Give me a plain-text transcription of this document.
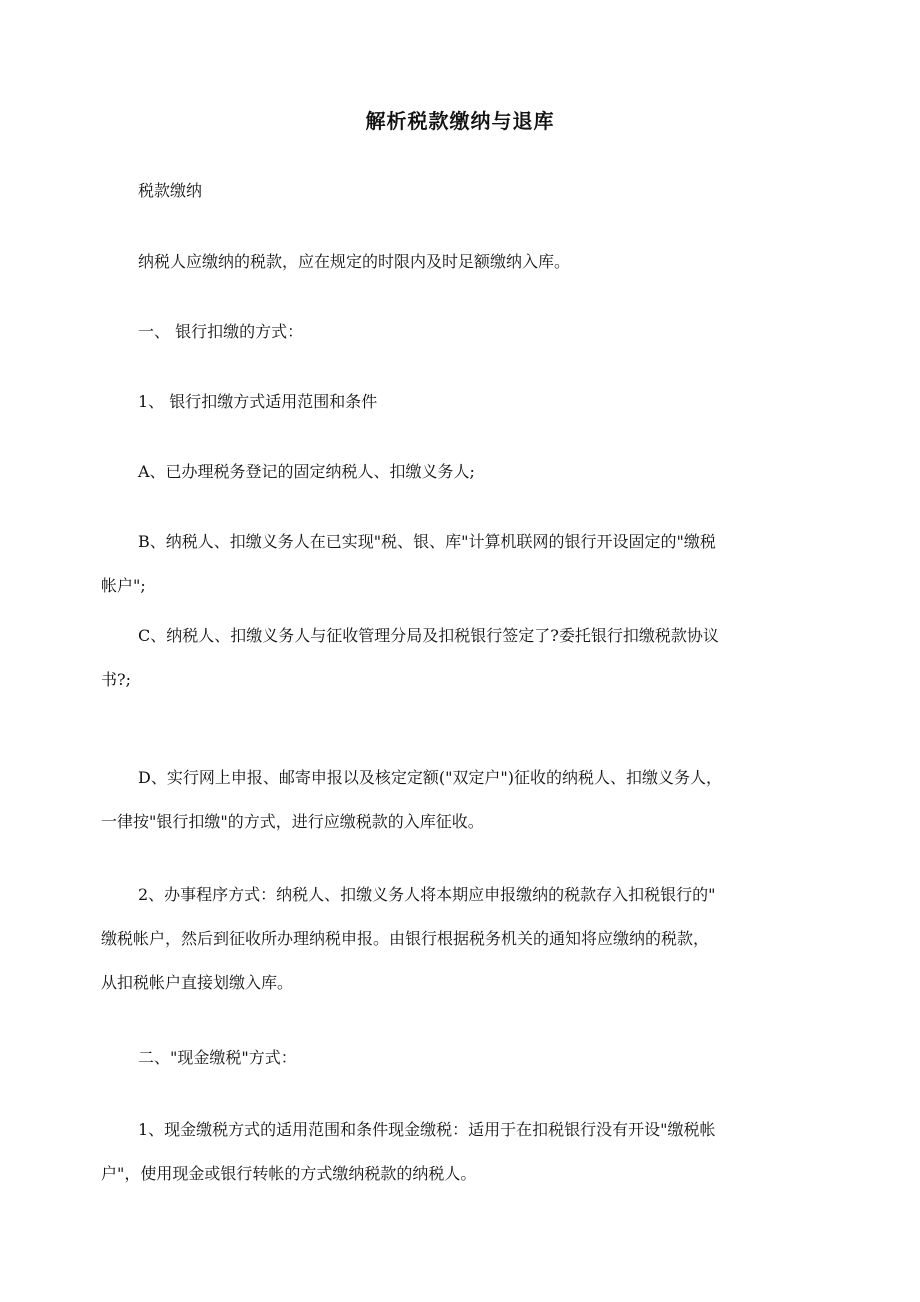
解析税款缴纳与退库
税款缴纳
纳税人应缴纳的税款，应在规定的时限内及时足额缴纳入库。
一、 银行扣缴的方式：
1、 银行扣缴方式适用范围和条件
A、已办理税务登记的固定纳税人、扣缴义务人;
B、纳税人、扣缴义务人在已实现"税、银、库"计算机联网的银行开设固定的"缴税
帐户";
C、纳税人、扣缴义务人与征收管理分局及扣税银行签定了?委托银行扣缴税款协议
书?;
D、实行网上申报、邮寄申报以及核定定额("双定户")征收的纳税人、扣缴义务人，
一律按"银行扣缴"的方式，进行应缴税款的入库征收。
2、办事程序方式：纳税人、扣缴义务人将本期应申报缴纳的税款存入扣税银行的"
缴税帐户，然后到征收所办理纳税申报。由银行根据税务机关的通知将应缴纳的税款，
从扣税帐户直接划缴入库。
二、"现金缴税"方式：
1、现金缴税方式的适用范围和条件现金缴税：适用于在扣税银行没有开设"缴税帐
户"，使用现金或银行转帐的方式缴纳税款的纳税人。
